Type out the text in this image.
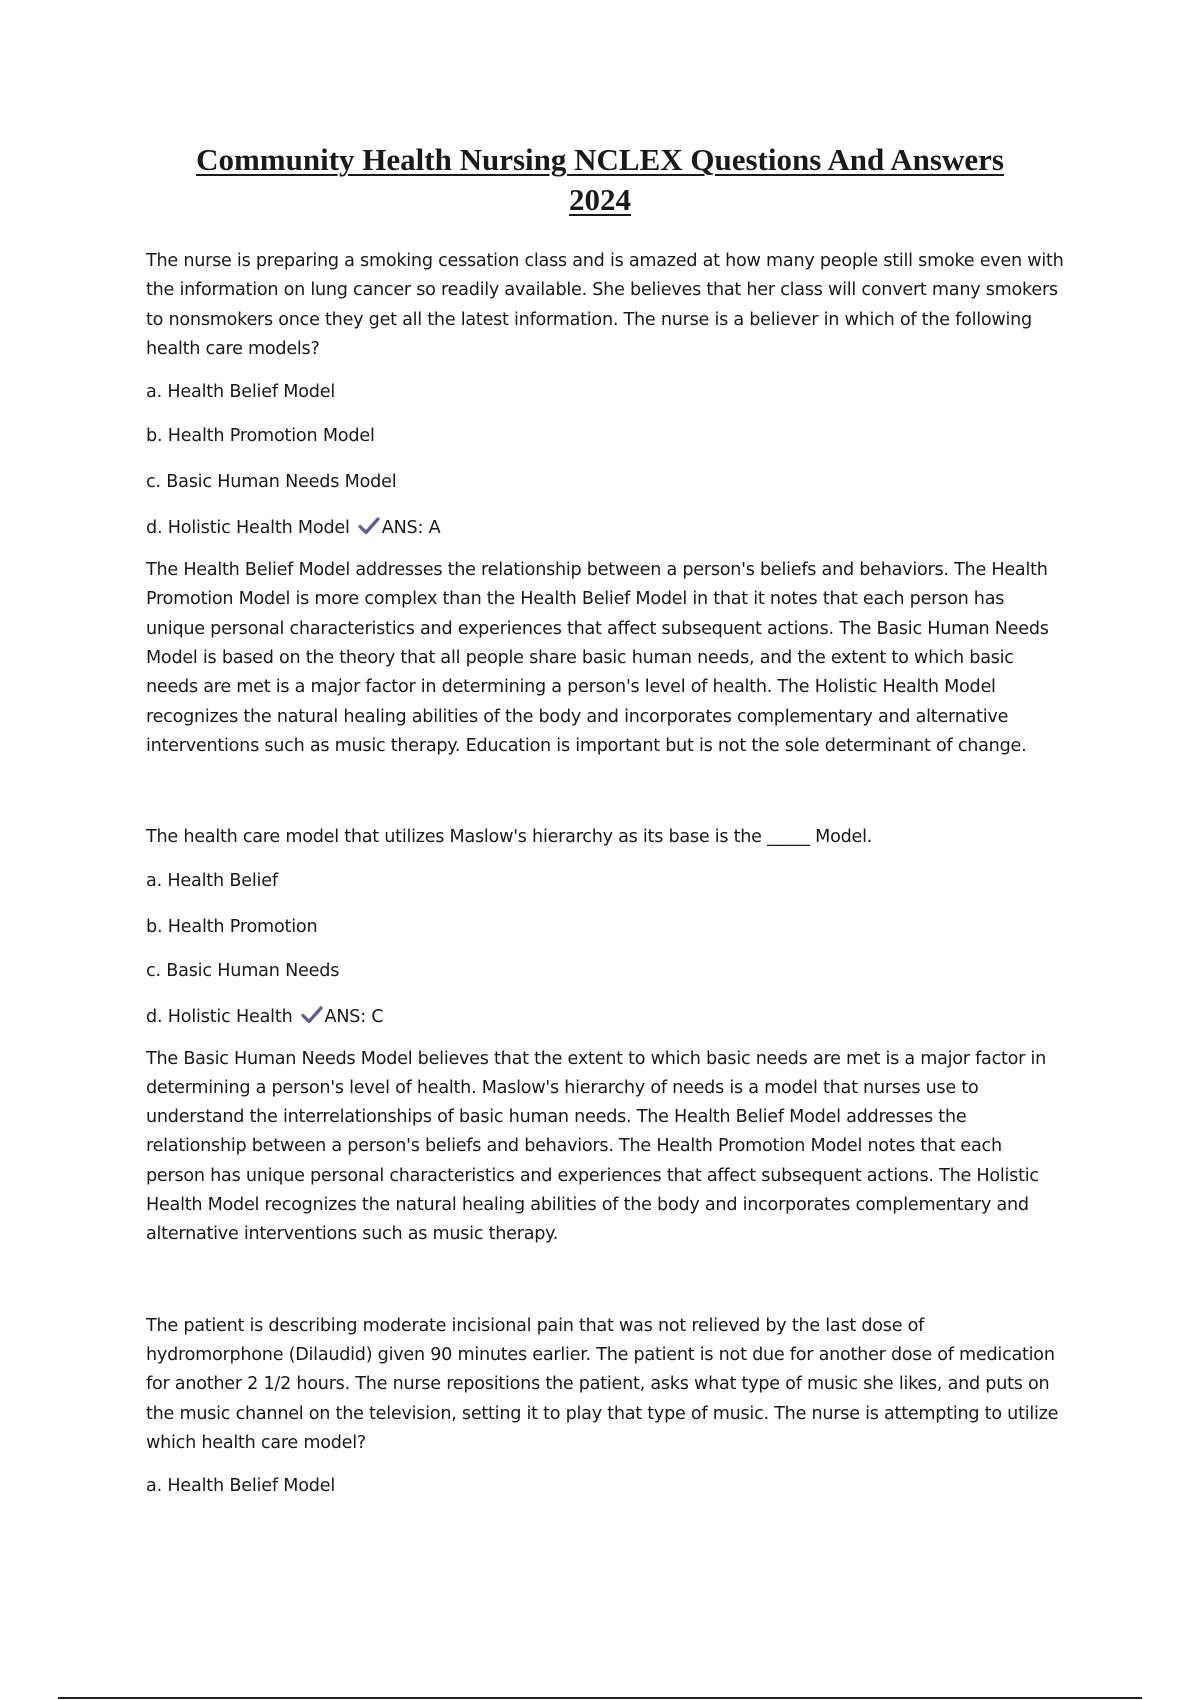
Community Health Nursing NCLEX Questions And Answers
2024

The nurse is preparing a smoking cessation class and is amazed at how many people still smoke even with the information on lung cancer so readily available. She believes that her class will convert many smokers to nonsmokers once they get all the latest information. The nurse is a believer in which of the following health care models?

a. Health Belief Model

b. Health Promotion Model

c. Basic Human Needs Model

d. Holistic Health Model ANS: A

The Health Belief Model addresses the relationship between a person's beliefs and behaviors. The Health Promotion Model is more complex than the Health Belief Model in that it notes that each person has unique personal characteristics and experiences that affect subsequent actions. The Basic Human Needs Model is based on the theory that all people share basic human needs, and the extent to which basic needs are met is a major factor in determining a person's level of health. The Holistic Health Model recognizes the natural healing abilities of the body and incorporates complementary and alternative interventions such as music therapy. Education is important but is not the sole determinant of change.

The health care model that utilizes Maslow's hierarchy as its base is the _____ Model.

a. Health Belief

b. Health Promotion

c. Basic Human Needs

d. Holistic Health ANS: C

The Basic Human Needs Model believes that the extent to which basic needs are met is a major factor in determining a person's level of health. Maslow's hierarchy of needs is a model that nurses use to understand the interrelationships of basic human needs. The Health Belief Model addresses the relationship between a person's beliefs and behaviors. The Health Promotion Model notes that each person has unique personal characteristics and experiences that affect subsequent actions. The Holistic Health Model recognizes the natural healing abilities of the body and incorporates complementary and alternative interventions such as music therapy.

The patient is describing moderate incisional pain that was not relieved by the last dose of hydromorphone (Dilaudid) given 90 minutes earlier. The patient is not due for another dose of medication for another 2 1/2 hours. The nurse repositions the patient, asks what type of music she likes, and puts on the music channel on the television, setting it to play that type of music. The nurse is attempting to utilize which health care model?

a. Health Belief Model
